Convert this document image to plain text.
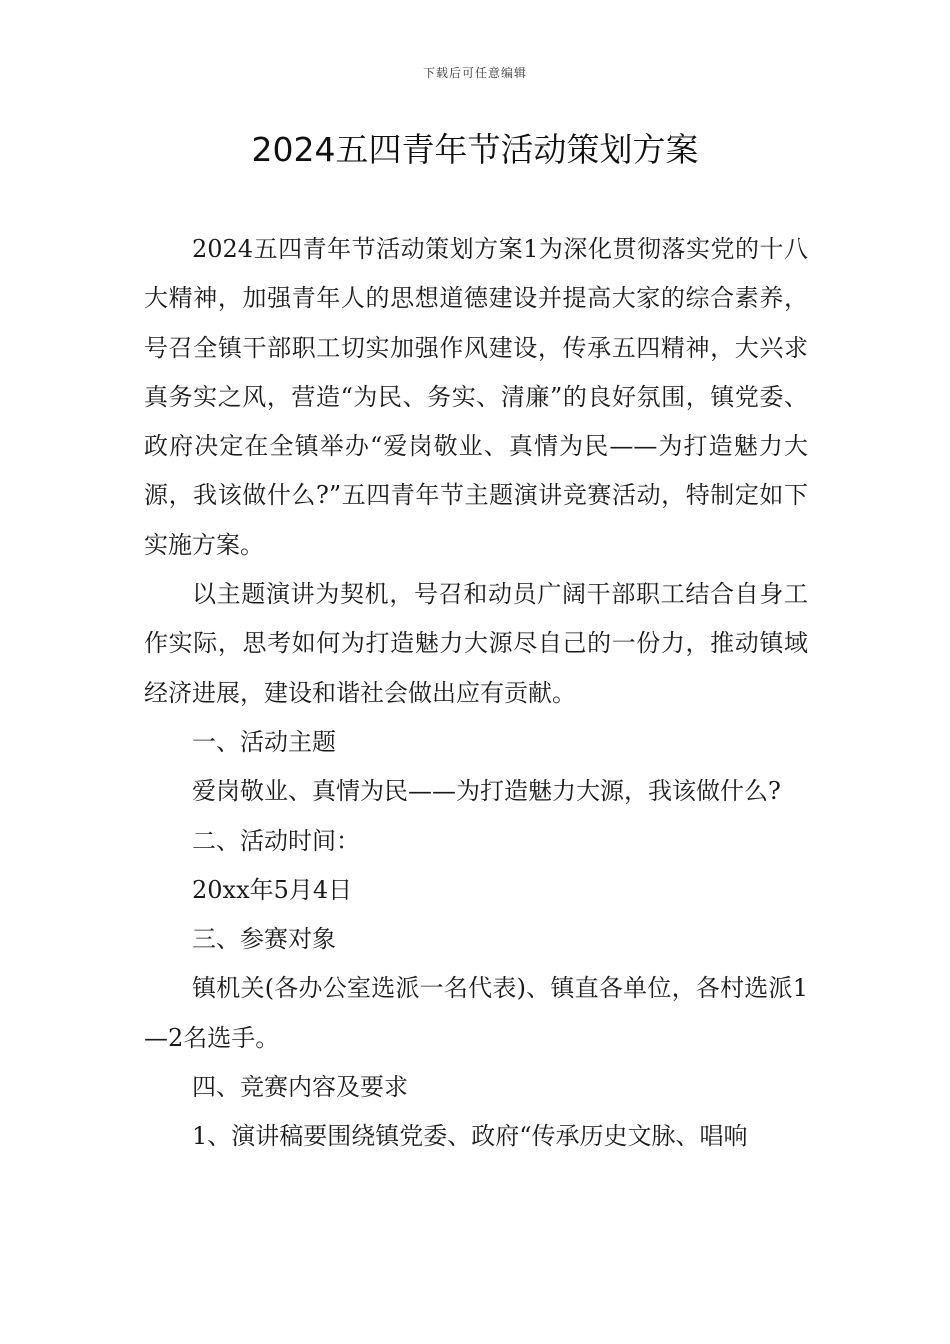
下载后可任意编辑
2024五四青年节活动策划方案

2024五四青年节活动策划方案1为深化贯彻落实党的十八大精神，加强青年人的思想道德建设并提高大家的综合素养，号召全镇干部职工切实加强作风建设，传承五四精神，大兴求真务实之风，营造“为民、务实、清廉”的良好氛围，镇党委、政府决定在全镇举办“爱岗敬业、真情为民——为打造魅力大源，我该做什么?”五四青年节主题演讲竞赛活动，特制定如下实施方案。

以主题演讲为契机，号召和动员广阔干部职工结合自身工作实际，思考如何为打造魅力大源尽自己的一份力，推动镇域经济进展，建设和谐社会做出应有贡献。

一、活动主题

爱岗敬业、真情为民——为打造魅力大源，我该做什么?

二、活动时间：

20xx年5月4日

三、参赛对象

镇机关(各办公室选派一名代表)、镇直各单位，各村选派1—2名选手。

四、竞赛内容及要求

1、演讲稿要围绕镇党委、政府“传承历史文脉、唱响
